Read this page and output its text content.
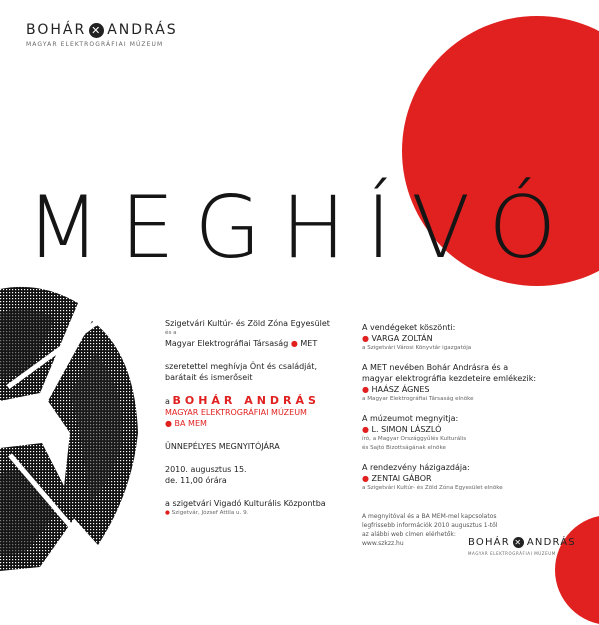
BOHÁR ✕ ANDRÁS
MAGYAR ELEKTROGRÁFIAI MÚZEUM
MEGHÍVÓ
Szigetvári Kultúr- és Zöld Zóna Egyesület
és a
Magyar Elektrográfiai Társaság ● MET
szeretettel meghívja Önt és családját,
barátait és ismerőseit
a BOHÁR ANDRÁS
MAGYAR ELEKTROGRÁFIAI MÚZEUM
● BA MEM
ÜNNEPÉLYES MEGNYITÓJÁRA
2010. augusztus 15.
de. 11,00 órára
a szigetvári Vigadó Kulturális Központba
● Szigetvár, József Attila u. 9.
A vendégeket köszönti:
● VARGA ZOLTÁN
a Szigetvári Városi Könyvtár igazgatója
A MET nevében Bohár Andrásra és a
magyar elektrográfia kezdeteire emlékezik:
● HAÁSZ ÁGNES
a Magyar Elektrográfiai Társaság elnöke
A múzeumot megnyitja:
● L. SIMON LÁSZLÓ
író, a Magyar Országgyűlés Kulturális
és Sajtó Bizottságának elnöke
A rendezvény házigazdája:
● ZENTAI GÁBOR
a Szigetvári Kultúr- és Zöld Zóna Egyesület elnöke
A megnyitóval és a BA MEM-mel kapcsolatos
legfrissebb információk 2010 augusztus 1-től
az alábbi web címen elérhetők:
www.szkzz.hu	BOHÁR ✕ ANDRÁS
MAGYAR ELEKTROGRÁFIAI MÚZEUM
